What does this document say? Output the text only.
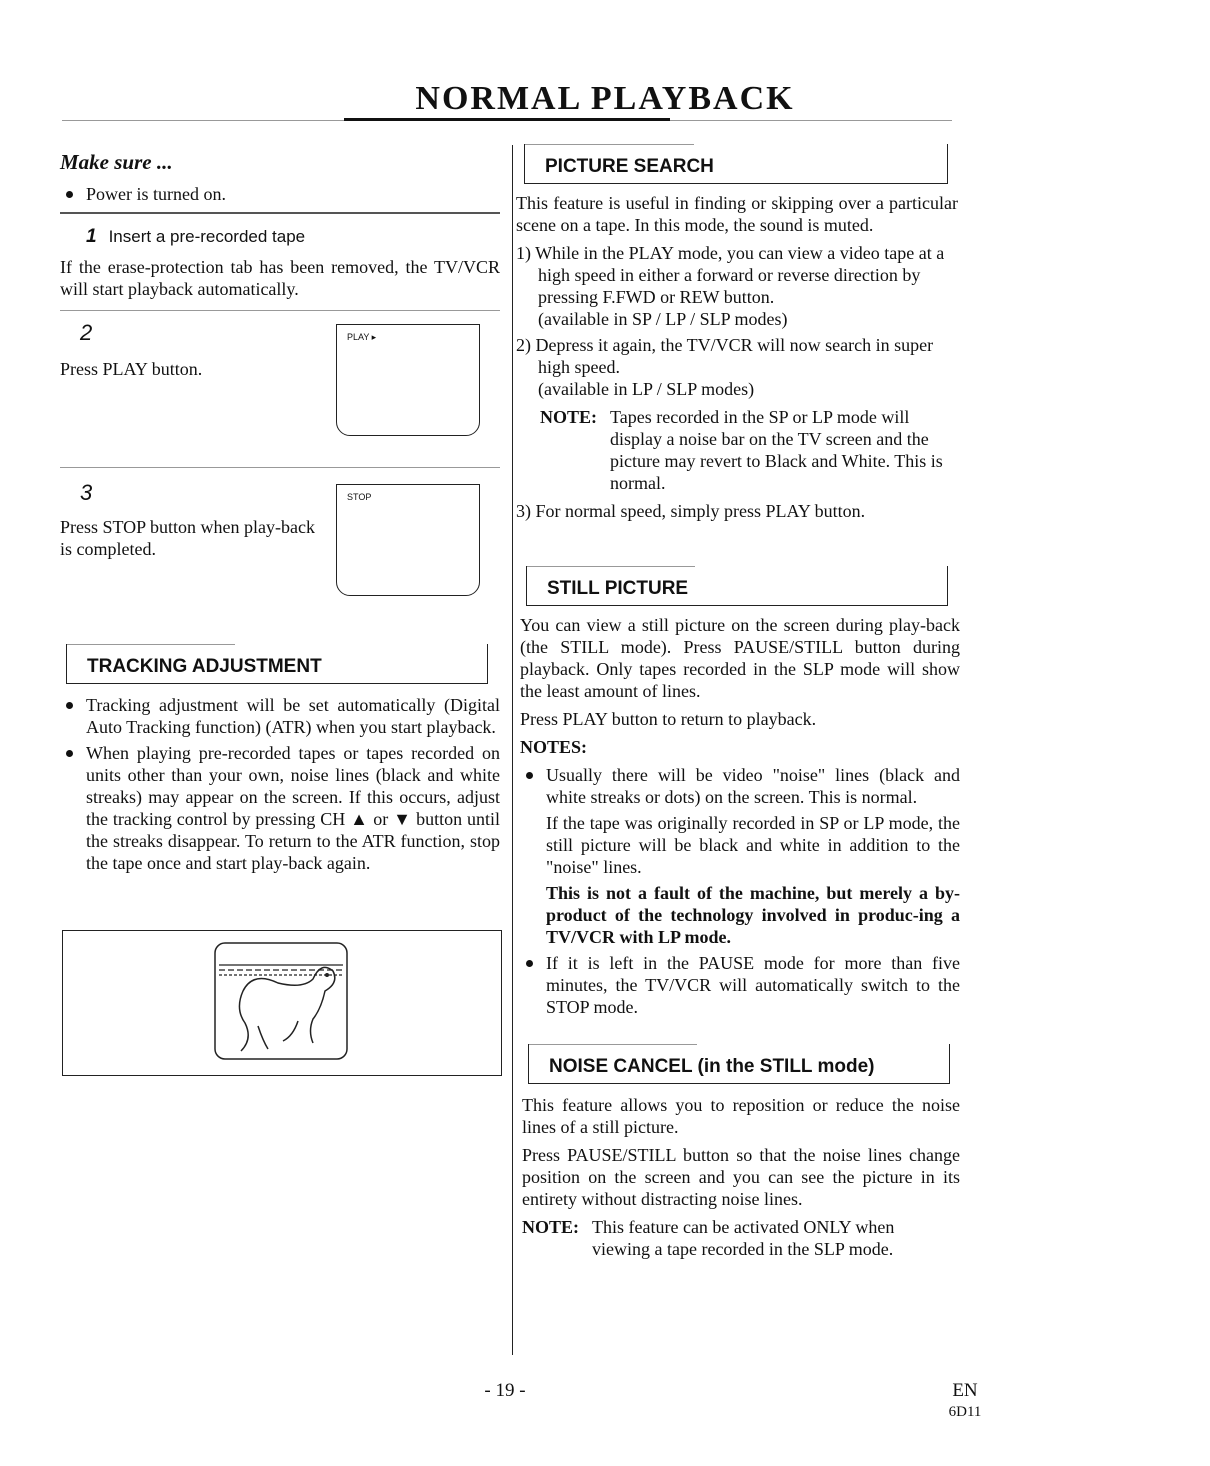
NORMAL PLAYBACK
Make sure ...
Power is turned on.
1 Insert a pre-recorded tape

If the erase-protection tab has been removed, the TV/VCR will start playback automatically.

2

Press PLAY button.

PLAY ▸
3

Press STOP button when play-back is completed.

STOP
TRACKING ADJUSTMENT
Tracking adjustment will be set automatically (Digital Auto Tracking function) (ATR) when you start playback.
When playing pre-recorded tapes or tapes recorded on units other than your own, noise lines (black and white streaks) may appear on the screen. If this occurs, adjust the tracking control by pressing CH ▲ or ▼ button until the streaks disappear. To return to the ATR function, stop the tape once and start play-back again.
PICTURE SEARCH

This feature is useful in finding or skipping over a particular scene on a tape. In this mode, the sound is muted.

1) While in the PLAY mode, you can view a video tape at a high speed in either a forward or reverse direction by pressing F.FWD or REW button.

(available in SP / LP / SLP modes)

2) Depress it again, the TV/VCR will now search in super high speed.

(available in LP / SLP modes)

NOTE: Tapes recorded in the SP or LP mode will display a noise bar on the TV screen and the picture may revert to Black and White. This is normal.

3) For normal speed, simply press PLAY button.

STILL PICTURE

You can view a still picture on the screen during play-back (the STILL mode). Press PAUSE/STILL button during playback. Only tapes recorded in the SLP mode will show the least amount of lines.

Press PLAY button to return to playback.

NOTES:

Usually there will be video "noise" lines (black and white streaks or dots) on the screen. This is normal.

If the tape was originally recorded in SP or LP mode, the still picture will be black and white in addition to the "noise" lines.

This is not a fault of the machine, but merely a by-product of the technology involved in produc-ing a TV/VCR with LP mode.

If it is left in the PAUSE mode for more than five minutes, the TV/VCR will automatically switch to the STOP mode.
NOISE CANCEL (in the STILL mode)

This feature allows you to reposition or reduce the noise lines of a still picture.

Press PAUSE/STILL button so that the noise lines change position on the screen and you can see the picture in its entirety without distracting noise lines.

NOTE: This feature can be activated ONLY when viewing a tape recorded in the SLP mode.
- 19 -	EN
6D11
